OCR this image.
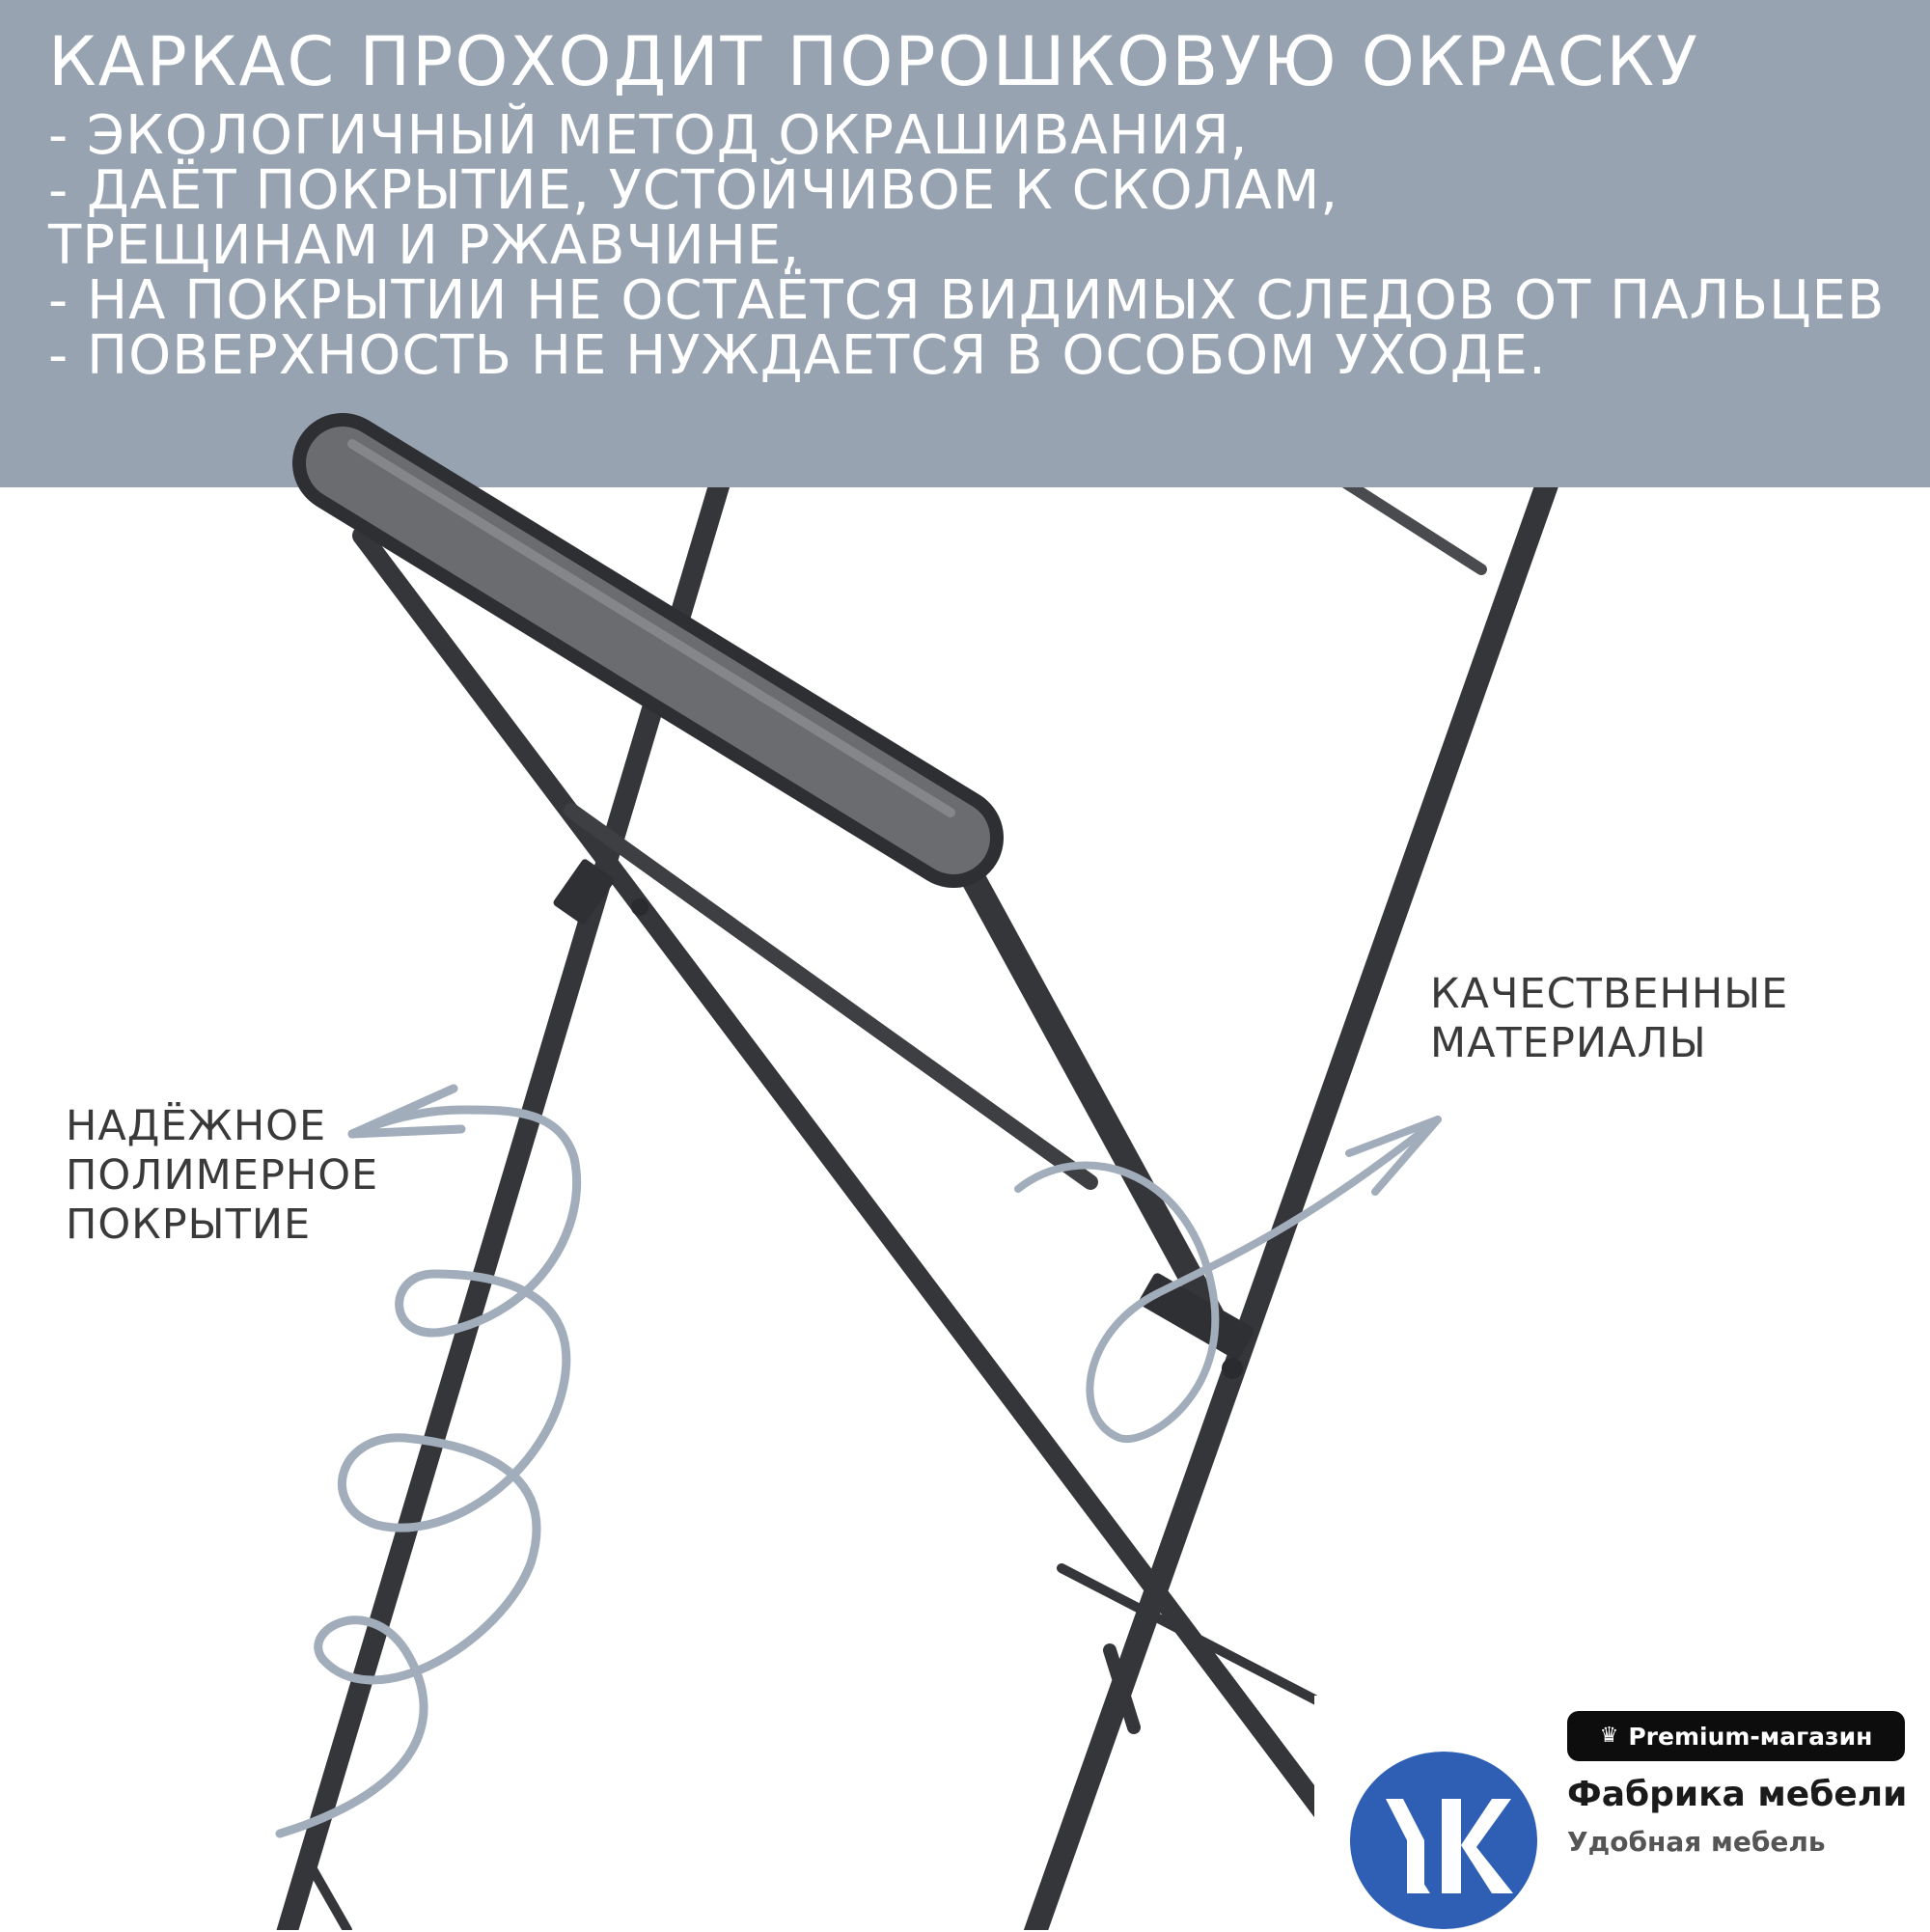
КАРКАС ПРОХОДИТ ПОРОШКОВУЮ ОКРАСКУ
- ЭКОЛОГИЧНЫЙ МЕТОД ОКРАШИВАНИЯ,
- ДАЁТ ПОКРЫТИЕ, УСТОЙЧИВОЕ К СКОЛАМ,
ТРЕЩИНАМ И РЖАВЧИНЕ,
- НА ПОКРЫТИИ НЕ ОСТАЁТСЯ ВИДИМЫХ СЛЕДОВ ОТ ПАЛЬЦЕВ
- ПОВЕРХНОСТЬ НЕ НУЖДАЕТСЯ В ОСОБОМ УХОДЕ.
НАДЁЖНОЕ
ПОЛИМЕРНОЕ
ПОКРЫТИЕ
КАЧЕСТВЕННЫЕ
МАТЕРИАЛЫ
♛ Premium-магазин
Фабрика мебели
Удобная мебель
